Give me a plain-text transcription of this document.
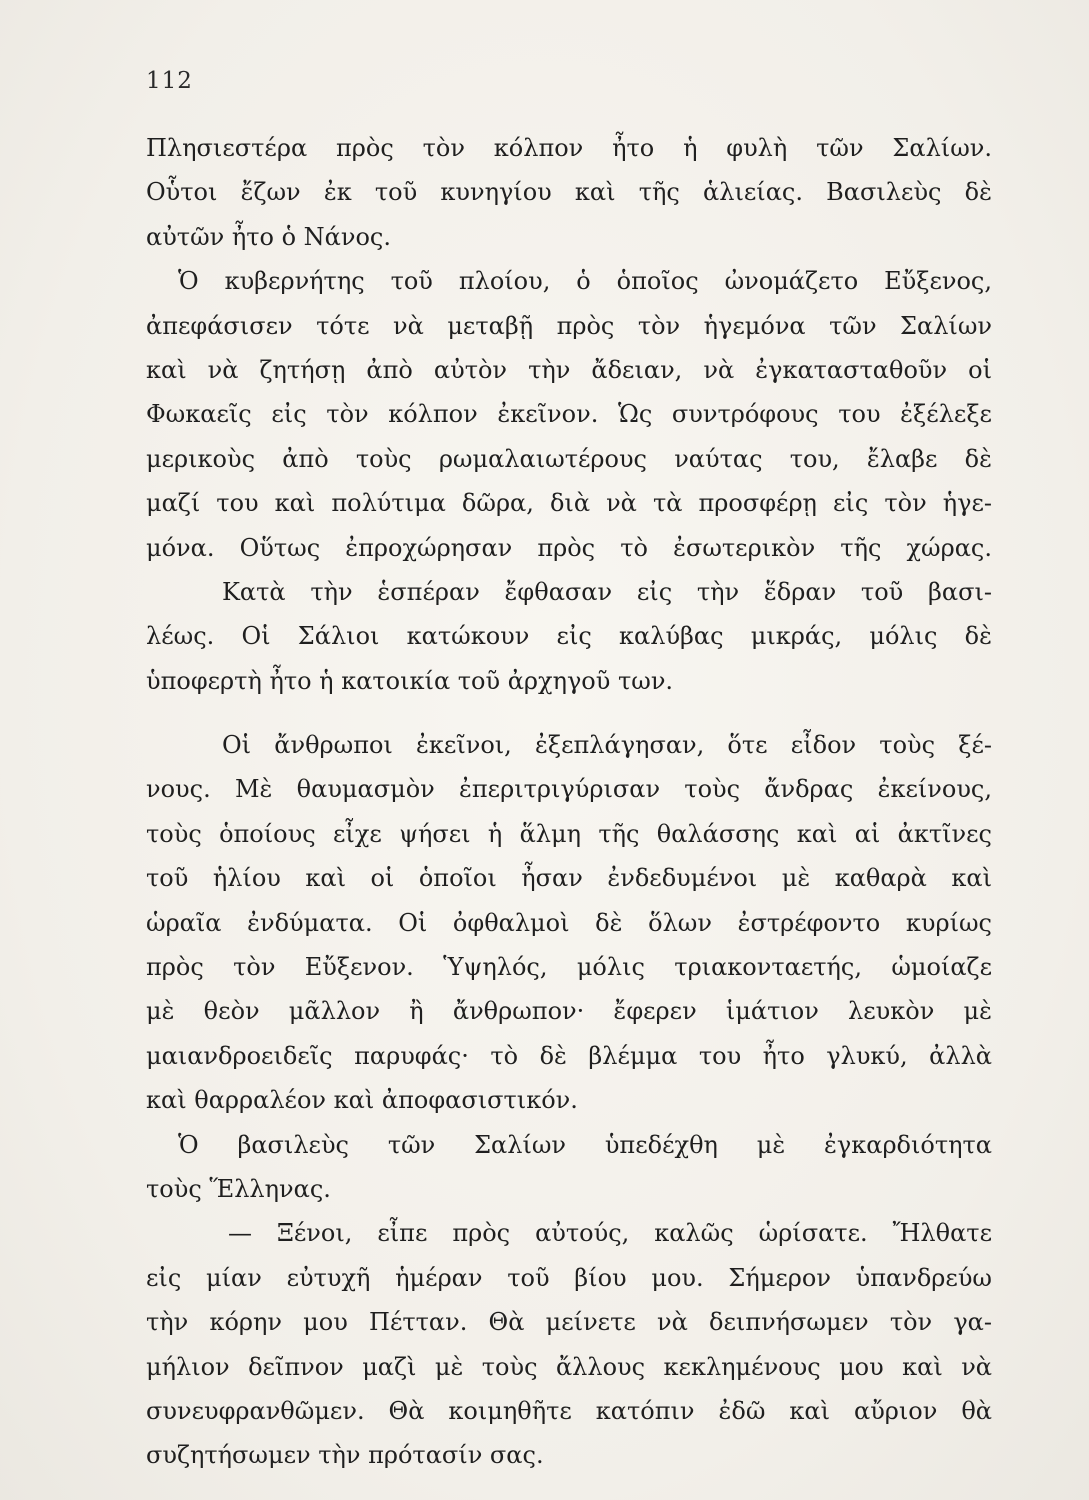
112
Πλησιεστέρα πρὸς τὸν κόλπον ἦτο ἡ φυλὴ τῶν Σαλίων.
Οὗτοι ἔζων ἐκ τοῦ κυνηγίου καὶ τῆς ἁλιείας. Βασιλεὺς δὲ
αὐτῶν ἦτο ὁ Νάνος.
Ὁ κυβερνήτης τοῦ πλοίου, ὁ ὁποῖος ὠνομάζετο Εὔξενος,
ἀπεφάσισεν τότε νὰ μεταβῇ πρὸς τὸν ἡγεμόνα τῶν Σαλίων
καὶ νὰ ζητήσῃ ἀπὸ αὐτὸν τὴν ἄδειαν, νὰ ἐγκατασταθοῦν οἱ
Φωκαεῖς εἰς τὸν κόλπον ἐκεῖνον. Ὡς συντρόφους του ἐξέλεξε
μερικοὺς ἀπὸ τοὺς ρωμαλαιωτέρους ναύτας του, ἔλαβε δὲ
μαζί του καὶ πολύτιμα δῶρα, διὰ νὰ τὰ προσφέρῃ εἰς τὸν ἡγε-
μόνα. Οὕτως ἐπροχώρησαν πρὸς τὸ ἐσωτερικὸν τῆς χώρας.
Κατὰ τὴν ἑσπέραν ἔφθασαν εἰς τὴν ἕδραν τοῦ βασι-
λέως. Οἱ Σάλιοι κατώκουν εἰς καλύβας μικράς, μόλις δὲ
ὑποφερτὴ ἦτο ἡ κατοικία τοῦ ἀρχηγοῦ των.
Οἱ ἄνθρωποι ἐκεῖνοι, ἐξεπλάγησαν, ὅτε εἶδον τοὺς ξέ-
νους. Μὲ θαυμασμὸν ἐπεριτριγύρισαν τοὺς ἄνδρας ἐκείνους,
τοὺς ὁποίους εἶχε ψήσει ἡ ἅλμη τῆς θαλάσσης καὶ αἱ ἀκτῖνες
τοῦ ἡλίου καὶ οἱ ὁποῖοι ἦσαν ἐνδεδυμένοι μὲ καθαρὰ καὶ
ὡραῖα ἐνδύματα. Οἱ ὀφθαλμοὶ δὲ ὅλων ἐστρέφοντο κυρίως
πρὸς τὸν Εὔξενον. Ὑψηλός, μόλις τριακονταετής, ὡμοίαζε
μὲ θεὸν μᾶλλον ἢ ἄνθρωπον· ἔφερεν ἱμάτιον λευκὸν μὲ
μαιανδροειδεῖς παρυφάς· τὸ δὲ βλέμμα του ἦτο γλυκύ, ἀλλὰ
καὶ θαρραλέον καὶ ἀποφασιστικόν.
Ὁ βασιλεὺς τῶν Σαλίων ὑπεδέχθη μὲ ἐγκαρδιότητα
τοὺς Ἕλληνας.
— Ξένοι, εἶπε πρὸς αὐτούς, καλῶς ὡρίσατε. Ἤλθατε
εἰς μίαν εὐτυχῆ ἡμέραν τοῦ βίου μου. Σήμερον ὑπανδρεύω
τὴν κόρην μου Πέτταν. Θὰ μείνετε νὰ δειπνήσωμεν τὸν γα-
μήλιον δεῖπνον μαζὶ μὲ τοὺς ἄλλους κεκλημένους μου καὶ νὰ
συνευφρανθῶμεν. Θὰ κοιμηθῆτε κατόπιν ἐδῶ καὶ αὔριον θὰ
συζητήσωμεν τὴν πρότασίν σας.
